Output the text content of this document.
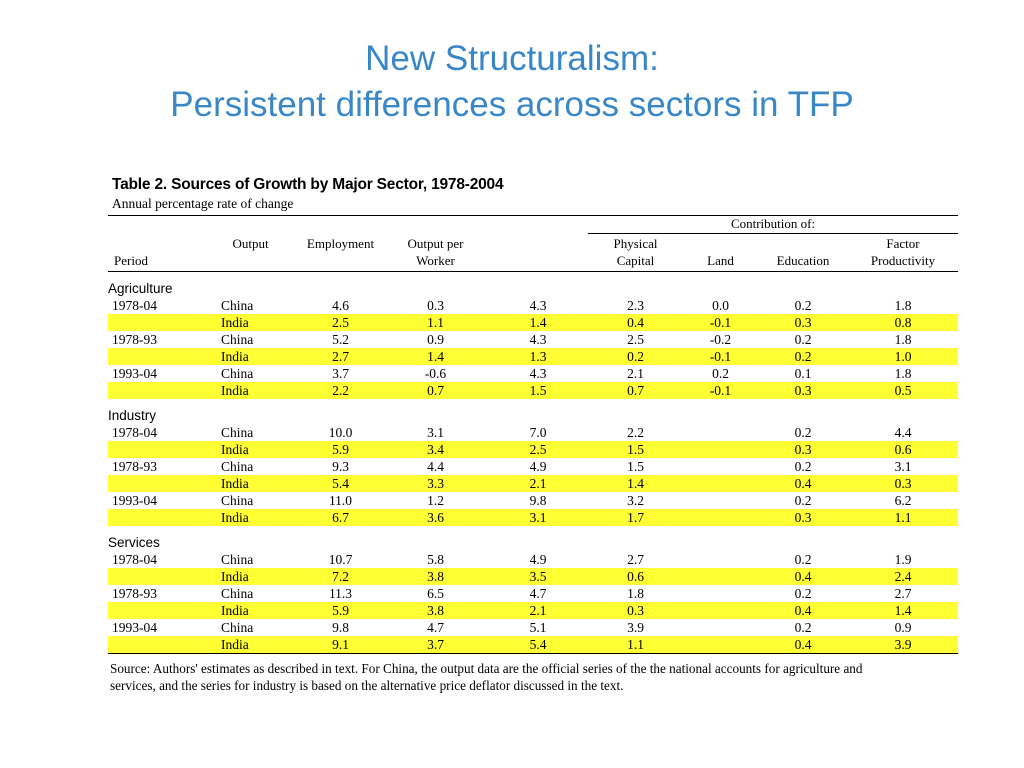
New Structuralism:
Persistent differences across sectors in TFP
Table 2. Sources of Growth by Major Sector, 1978-2004
Annual percentage rate of change
					Contribution of:			
	Output	Employment	Output per		Physical			Factor
Period			Worker		Capital	Land	Education	Productivity

Agriculture								
1978-04	China	4.6	0.3	4.3	2.3	0.0	0.2	1.8
	India	2.5	1.1	1.4	0.4	-0.1	0.3	0.8
1978-93	China	5.2	0.9	4.3	2.5	-0.2	0.2	1.8
	India	2.7	1.4	1.3	0.2	-0.1	0.2	1.0
1993-04	China	3.7	-0.6	4.3	2.1	0.2	0.1	1.8
	India	2.2	0.7	1.5	0.7	-0.1	0.3	0.5
Industry								
1978-04	China	10.0	3.1	7.0	2.2		0.2	4.4
	India	5.9	3.4	2.5	1.5		0.3	0.6
1978-93	China	9.3	4.4	4.9	1.5		0.2	3.1
	India	5.4	3.3	2.1	1.4		0.4	0.3
1993-04	China	11.0	1.2	9.8	3.2		0.2	6.2
	India	6.7	3.6	3.1	1.7		0.3	1.1
Services								
1978-04	China	10.7	5.8	4.9	2.7		0.2	1.9
	India	7.2	3.8	3.5	0.6		0.4	2.4
1978-93	China	11.3	6.5	4.7	1.8		0.2	2.7
	India	5.9	3.8	2.1	0.3		0.4	1.4
1993-04	China	9.8	4.7	5.1	3.9		0.2	0.9
	India	9.1	3.7	5.4	1.1		0.4	3.9

Source: Authors' estimates as described in text. For China, the output data are the official series of the the national accounts for agriculture and services, and the series for industry is based on the alternative price deflator discussed in the text.
